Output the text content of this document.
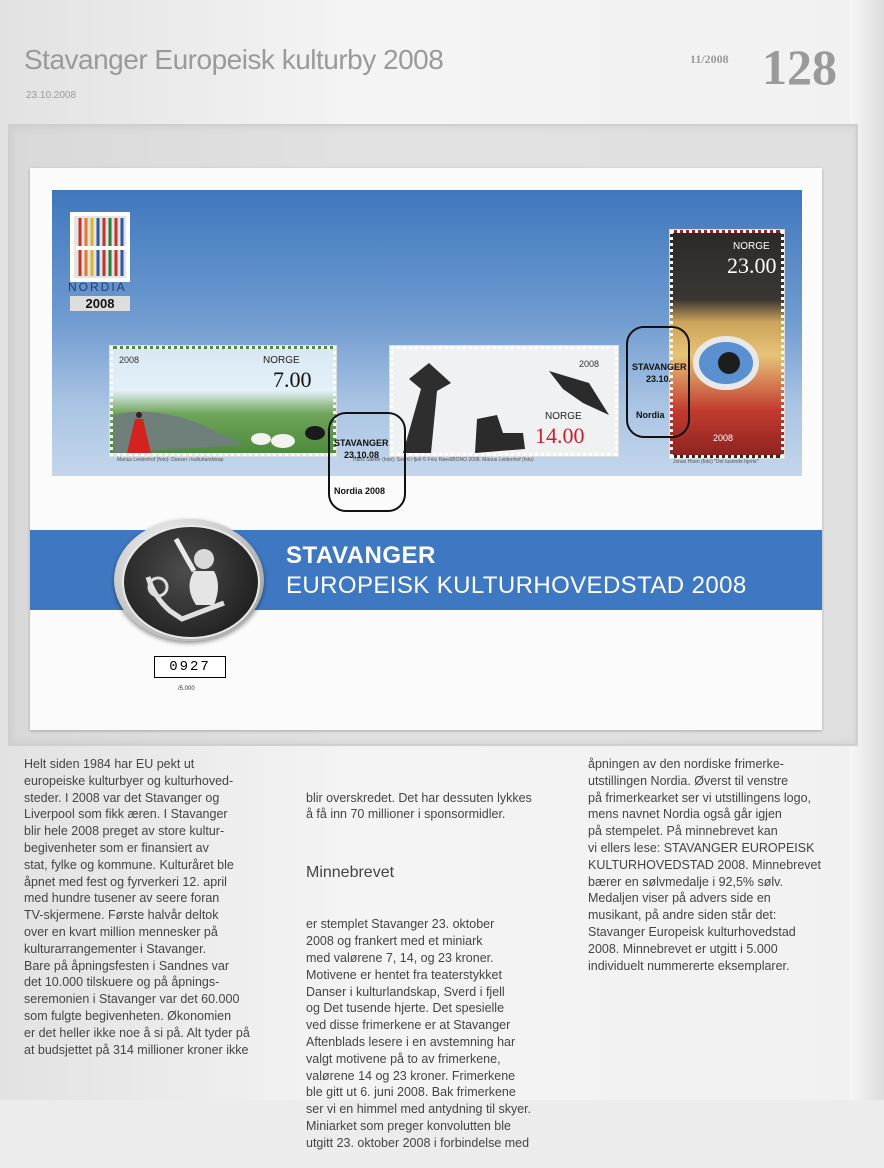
Stavanger Europeisk kulturby 2008
23.10.2008
11/2008 128
NORDIA
2008
2008	NORGE
7.00
Marius Leidenhof (foto): Danser i kulturlandskap
2008
NORGE
14.00
Hans Saeter (foto): Sverd i fjell © Fritz Røed/BONO 2008. Marius Leidenhof (foto)
NORGE
23.00
2008
Jonas Hoen (foto) "Det tusende hjerte"
STAVANGER
23.10.08
Nordia 2008
STAVANGER
23.10.
Nordia
STAVANGER
EUROPEISK KULTURHOVEDSTAD 2008
0927
/5.000
Helt siden 1984 har EU pekt ut
europeiske kulturbyer og kulturhoved-
steder. I 2008 var det Stavanger og
Liverpool som fikk æren. I Stavanger
blir hele 2008 preget av store kultur-
begivenheter som er finansiert av
stat, fylke og kommune. Kulturåret ble
åpnet med fest og fyrverkeri 12. april
med hundre tusener av seere foran
TV-skjermene. Første halvår deltok
over en kvart million mennesker på
kulturarrangementer i Stavanger.
Bare på åpningsfesten i Sandnes var
det 10.000 tilskuere og på åpnings-
seremonien i Stavanger var det 60.000
som fulgte begivenheten. Økonomien
er det heller ikke noe å si på. Alt tyder på
at budsjettet på 314 millioner kroner ikke

blir overskredet. Det har dessuten lykkes
å få inn 70 millioner i sponsormidler.

Minnebrevet

er stemplet Stavanger 23. oktober
2008 og frankert med et miniark
med valørene 7, 14, og 23 kroner.
Motivene er hentet fra teaterstykket
Danser i kulturlandskap, Sverd i fjell
og Det tusende hjerte. Det spesielle
ved disse frimerkene er at Stavanger
Aftenblads lesere i en avstemning har
valgt motivene på to av frimerkene,
valørene 14 og 23 kroner. Frimerkene
ble gitt ut 6. juni 2008. Bak frimerkene
ser vi en himmel med antydning til skyer.
Miniarket som preger konvolutten ble
utgitt 23. oktober 2008 i forbindelse med

åpningen av den nordiske frimerke-
utstillingen Nordia. Øverst til venstre
på frimerkearket ser vi utstillingens logo,
mens navnet Nordia også går igjen
på stempelet. På minnebrevet kan
vi ellers lese: STAVANGER EUROPEISK
KULTURHOVEDSTAD 2008. Minnebrevet
bærer en sølvmedalje i 92,5% sølv.
Medaljen viser på advers side en
musikant, på andre siden står det:
Stavanger Europeisk kulturhovedstad
2008. Minnebrevet er utgitt i 5.000
individuelt nummererte eksemplarer.
